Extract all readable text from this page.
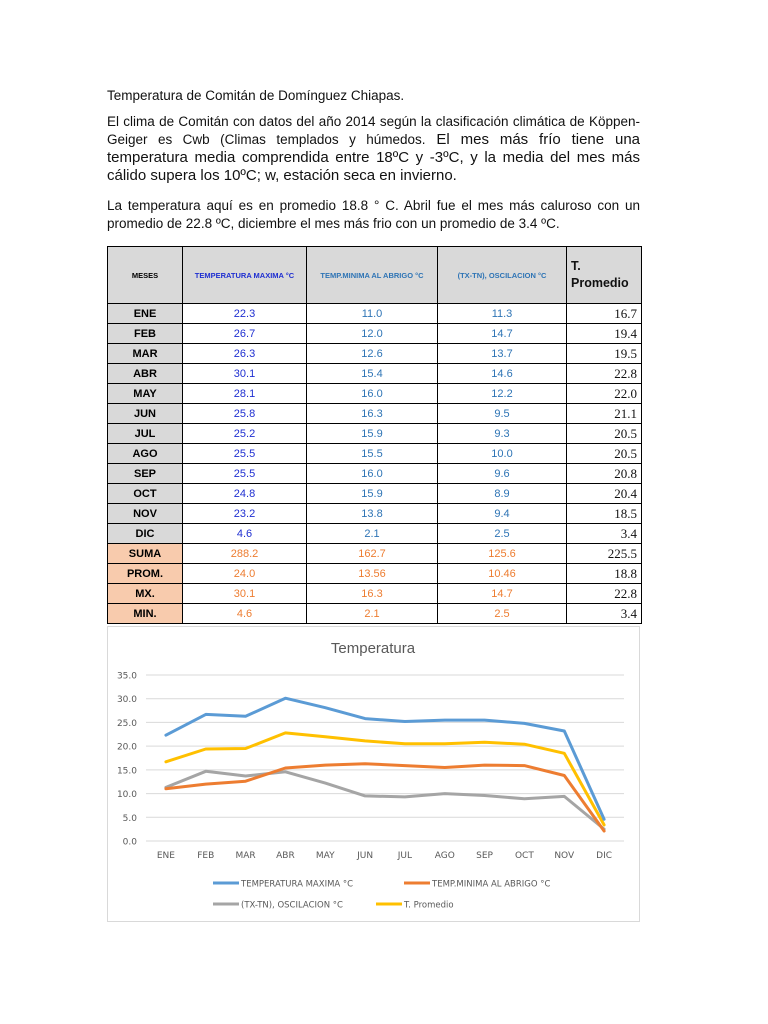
Temperatura de Comitán de Domínguez Chiapas.

El clima de Comitán con datos del año 2014 según la clasificación climática de Köppen-Geiger es Cwb (Climas templados y húmedos. El mes más frío tiene una temperatura media comprendida entre 18ºC y -3ºC, y la media del mes más cálido supera los 10ºC; w, estación seca en invierno.

La temperatura aquí es en promedio 18.8 ° C. Abril fue el mes más caluroso con un promedio de 22.8 ºC, diciembre el mes más frio con un promedio de 3.4 ºC.

MESES	TEMPERATURA MAXIMA °C	TEMP.MINIMA AL ABRIGO °C	(TX-TN), OSCILACION °C	T. Promedio
ENE	22.3	11.0	11.3	16.7
FEB	26.7	12.0	14.7	19.4
MAR	26.3	12.6	13.7	19.5
ABR	30.1	15.4	14.6	22.8
MAY	28.1	16.0	12.2	22.0
JUN	25.8	16.3	9.5	21.1
JUL	25.2	15.9	9.3	20.5
AGO	25.5	15.5	10.0	20.5
SEP	25.5	16.0	9.6	20.8
OCT	24.8	15.9	8.9	20.4
NOV	23.2	13.8	9.4	18.5
DIC	4.6	2.1	2.5	3.4
SUMA	288.2	162.7	125.6	225.5
PROM.	24.0	13.56	10.46	18.8
MX.	30.1	16.3	14.7	22.8
MIN.	4.6	2.1	2.5	3.4
Temperatura
0.0
5.0
10.0
15.0
20.0
25.0
30.0
35.0
ENE FEB MAR ABR MAY JUN	JUL	AGO SEP OCT NOV DIC
TEMPERATURA MAXIMA °C	TEMP.MINIMA AL ABRIGO °C
(TX-TN), OSCILACION °C	T. Promedio
